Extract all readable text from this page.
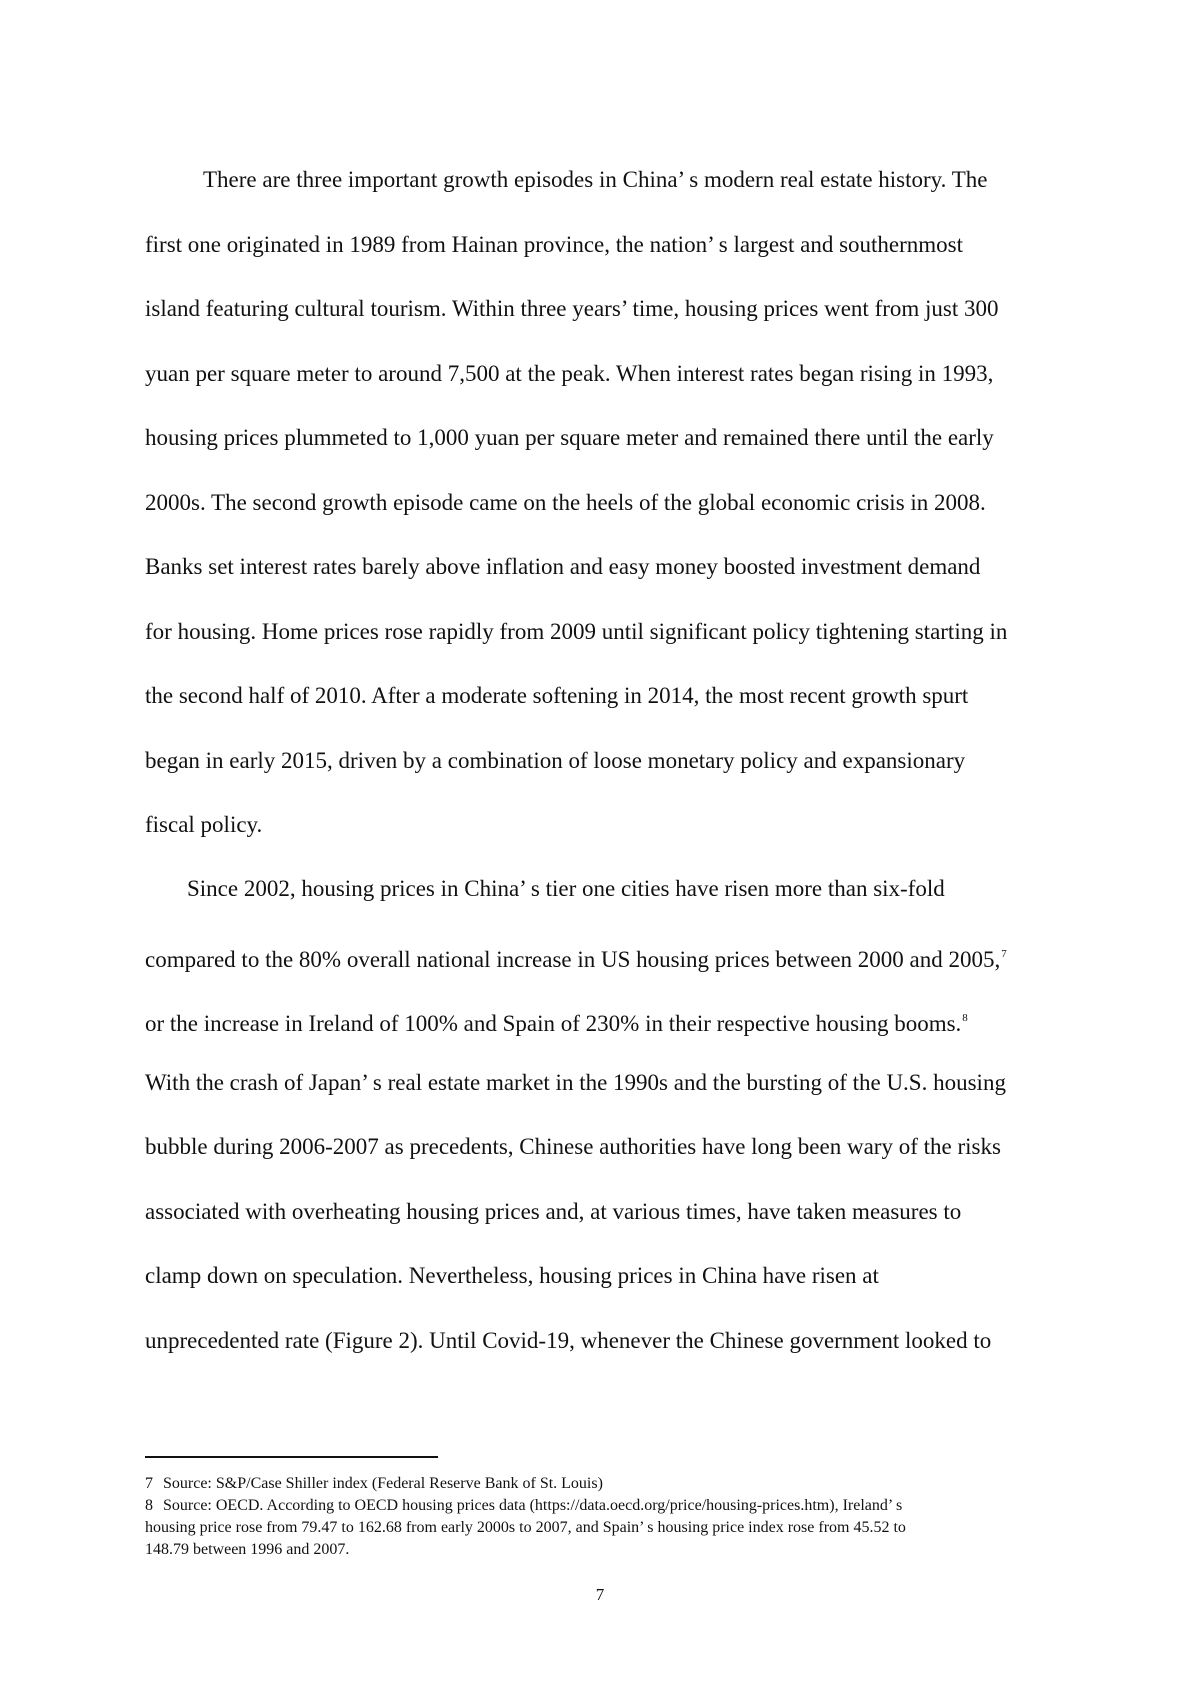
There are three important growth episodes in China’ s modern real estate history. The
first one originated in 1989 from Hainan province, the nation’ s largest and southernmost
island featuring cultural tourism. Within three years’ time, housing prices went from just 300
yuan per square meter to around 7,500 at the peak. When interest rates began rising in 1993,
housing prices plummeted to 1,000 yuan per square meter and remained there until the early
2000s. The second growth episode came on the heels of the global economic crisis in 2008.
Banks set interest rates barely above inflation and easy money boosted investment demand
for housing. Home prices rose rapidly from 2009 until significant policy tightening starting in
the second half of 2010. After a moderate softening in 2014, the most recent growth spurt
began in early 2015, driven by a combination of loose monetary policy and expansionary
fiscal policy.
Since 2002, housing prices in China’ s tier one cities have risen more than six-fold
compared to the 80% overall national increase in US housing prices between 2000 and 2005,$^7$
or the increase in Ireland of 100% and Spain of 230% in their respective housing booms.$^8$
With the crash of Japan’ s real estate market in the 1990s and the bursting of the U.S. housing
bubble during 2006-2007 as precedents, Chinese authorities have long been wary of the risks
associated with overheating housing prices and, at various times, have taken measures to
clamp down on speculation. Nevertheless, housing prices in China have risen at
unprecedented rate (Figure 2). Until Covid-19, whenever the Chinese government looked to
7 Source: S&P/Case Shiller index (Federal Reserve Bank of St. Louis)
8 Source: OECD. According to OECD housing prices data (https://data.oecd.org/price/housing-prices.htm), Ireland’ s
housing price rose from 79.47 to 162.68 from early 2000s to 2007, and Spain’ s housing price index rose from 45.52 to
148.79 between 1996 and 2007.
7
